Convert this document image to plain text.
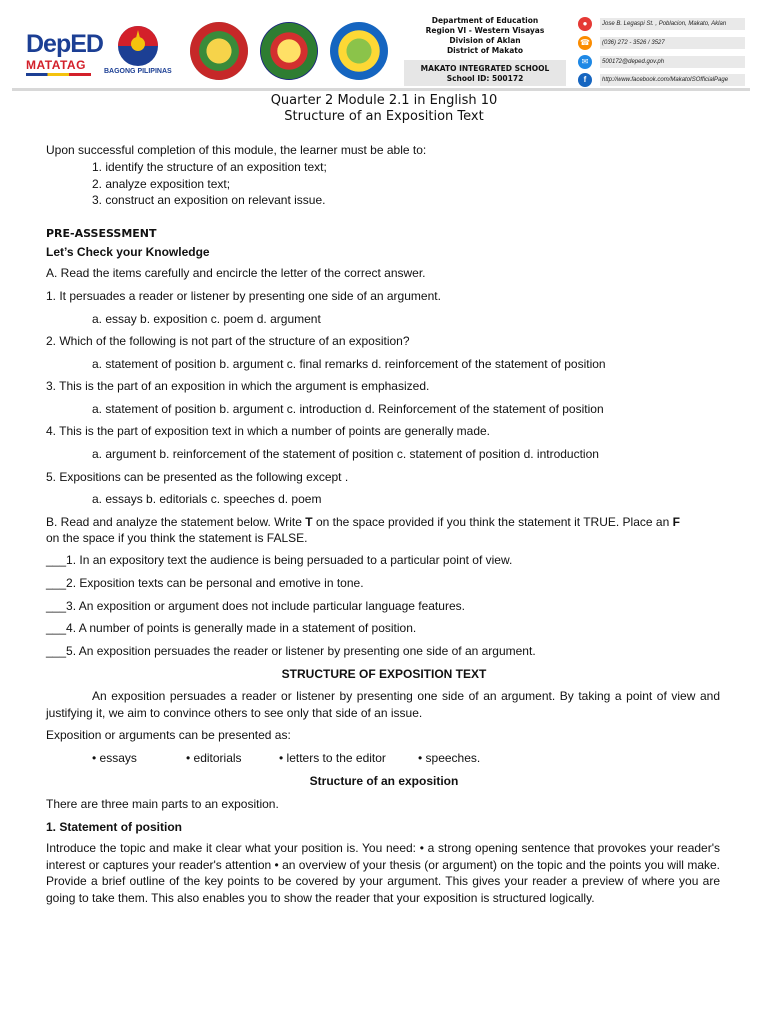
DepED
MATATAG	BAGONG PILIPINAS
Department of Education
Region VI - Western Visayas
Division of Aklan
District of Makato
MAKATO INTEGRATED SCHOOL
School ID: 500172
●	Jose B. Legaspi St. , Poblacion, Makato, Aklan
☎	(036) 272 - 3526 / 3527
✉	500172@deped.gov.ph
f	http://www.facebook.com/MakatoISOfficialPage
Quarter 2 Module 2.1 in English 10
Structure of an Exposition Text
Upon successful completion of this module, the learner must be able to:
1. identify the structure of an exposition text;
2. analyze exposition text;
3. construct an exposition on relevant issue.
PRE-ASSESSMENT
Let’s Check your Knowledge
A. Read the items carefully and encircle the letter of the correct answer.
1. It persuades a reader or listener by presenting one side of an argument.
a. essay b. exposition c. poem d. argument
2. Which of the following is not part of the structure of an exposition?
a. statement of position b. argument c. final remarks d. reinforcement of the statement of position
3. This is the part of an exposition in which the argument is emphasized.
a. statement of position b. argument c. introduction d. Reinforcement of the statement of position
4. This is the part of exposition text in which a number of points are generally made.
a. argument b. reinforcement of the statement of position c. statement of position d. introduction
5. Expositions can be presented as the following except .
a. essays b. editorials c. speeches d. poem
B. Read and analyze the statement below. Write T on the space provided if you think the statement it TRUE. Place an F
on the space if you think the statement is FALSE.
___1. In an expository text the audience is being persuaded to a particular point of view.
___2. Exposition texts can be personal and emotive in tone.
___3. An exposition or argument does not include particular language features.
___4. A number of points is generally made in a statement of position.
___5. An exposition persuades the reader or listener by presenting one side of an argument.
STRUCTURE OF EXPOSITION TEXT
An exposition persuades a reader or listener by presenting one side of an argument. By taking a point of view and justifying it, we aim to convince others to see only that side of an issue.
Exposition or arguments can be presented as:
• essays	• editorials	• letters to the editor	• speeches.
Structure of an exposition
There are three main parts to an exposition.
1. Statement of position
Introduce the topic and make it clear what your position is. You need: • a strong opening sentence that provokes your reader's interest or captures your reader's attention • an overview of your thesis (or argument) on the topic and the points you will make. Provide a brief outline of the key points to be covered by your argument. This gives your reader a preview of where you are going to take them. This also enables you to show the reader that your exposition is structured logically.
